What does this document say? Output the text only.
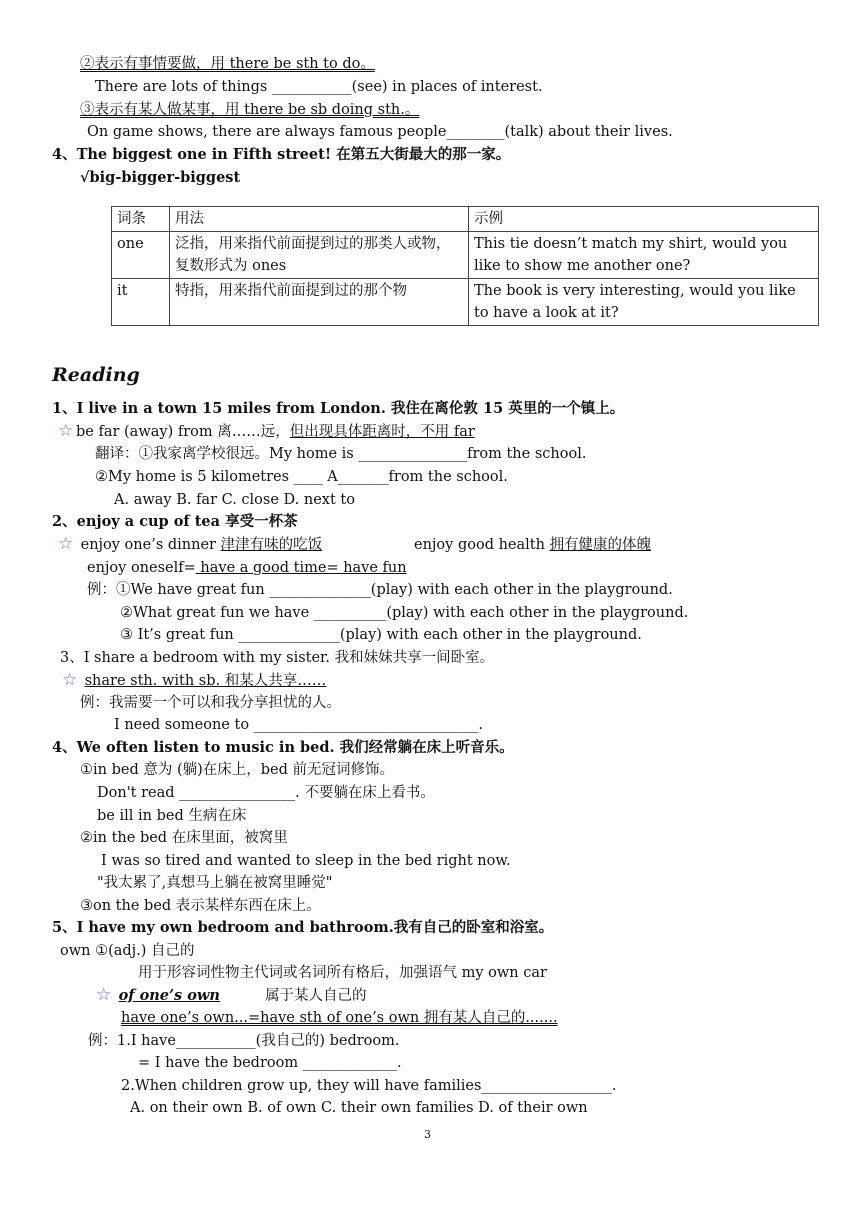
②表示有事情要做，用 there be sth to do。
There are lots of things ___________(see) in places of interest.
③表示有某人做某事，用 there be sb doing sth.。
On game shows, there are always famous people________(talk) about their lives.
4、The biggest one in Fifth street! 在第五大街最大的那一家。
√big-bigger-biggest
词条	用法	示例
one	泛指，用来指代前面提到过的那类人或物，复数形式为 ones	This tie doesn’t match my shirt, would you like to show me another one?
it	特指，用来指代前面提到过的那个物	The book is very interesting, would you like to have a look at it?
Reading
1、I live in a town 15 miles from London. 我住在离伦敦 15 英里的一个镇上。
☆ be far (away) from 离……远，但出现具体距离时，不用 far
翻译：①我家离学校很远。My home is _______________from the school.
②My home is 5 kilometres ____ A_______from the school.
A. away B. far C. close D. next to
2、enjoy a cup of tea 享受一杯茶
☆ enjoy one’s dinner 津津有味的吃饭	enjoy good health 拥有健康的体魄
enjoy oneself= have a good time= have fun
例：①We have great fun ______________(play) with each other in the playground.
②What great fun we have __________(play) with each other in the playground.
③ It’s great fun ______________(play) with each other in the playground.
3、I share a bedroom with my sister. 我和妹妹共享一间卧室。
☆ share sth. with sb. 和某人共享……
例：我需要一个可以和我分享担忧的人。
I need someone to _______________________________.
4、We often listen to music in bed. 我们经常躺在床上听音乐。
①in bed 意为 (躺)在床上，bed 前无冠词修饰。
Don't read ________________. 不要躺在床上看书。
be ill in bed 生病在床
②in the bed 在床里面，被窝里
I was so tired and wanted to sleep in the bed right now.
"我太累了,真想马上躺在被窝里睡觉"
③on the bed 表示某样东西在床上。
5、I have my own bedroom and bathroom.我有自己的卧室和浴室。
own ①(adj.) 自己的
用于形容词性物主代词或名词所有格后，加强语气 my own car
☆ of one’s own	属于某人自己的
have one’s own...=have sth of one’s own 拥有某人自己的.......
例：1.I have___________(我自己的) bedroom.
= I have the bedroom _____________.
2.When children grow up, they will have families__________________.
A. on their own B. of own C. their own families D. of their own
3
